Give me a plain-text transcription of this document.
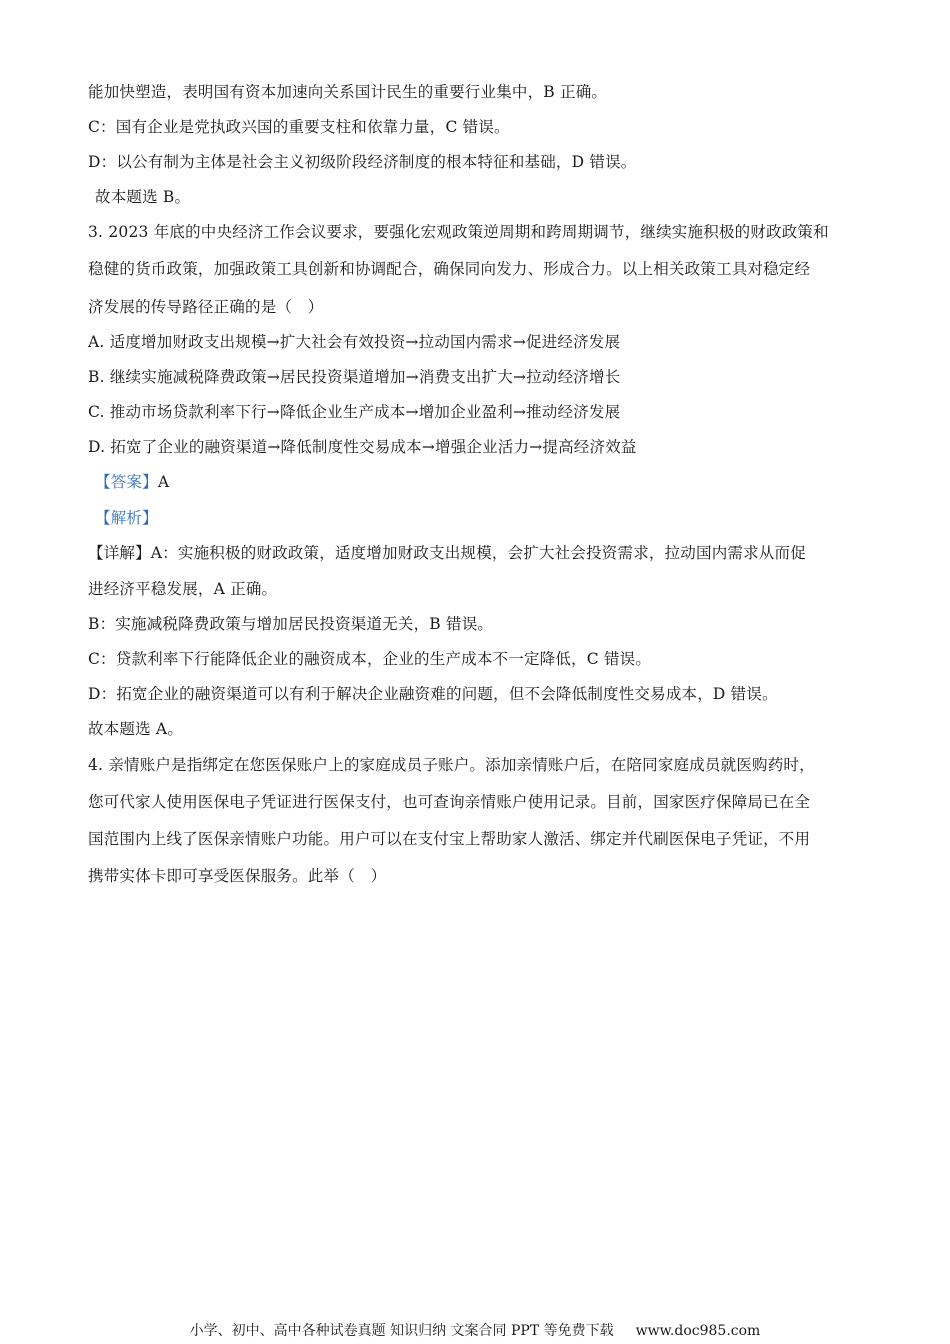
能加快塑造，表明国有资本加速向关系国计民生的重要行业集中，B 正确。
C：国有企业是党执政兴国的重要支柱和依靠力量，C 错误。
D：以公有制为主体是社会主义初级阶段经济制度的根本特征和基础，D 错误。
故本题选 B。
3. 2023 年底的中央经济工作会议要求，要强化宏观政策逆周期和跨周期调节，继续实施积极的财政政策和
稳健的货币政策，加强政策工具创新和协调配合，确保同向发力、形成合力。以上相关政策工具对稳定经
济发展的传导路径正确的是（　）
A. 适度增加财政支出规模→扩大社会有效投资→拉动国内需求→促进经济发展
B. 继续实施减税降费政策→居民投资渠道增加→消费支出扩大→拉动经济增长
C. 推动市场贷款利率下行→降低企业生产成本→增加企业盈利→推动经济发展
D. 拓宽了企业的融资渠道→降低制度性交易成本→增强企业活力→提高经济效益
【答案】A
【解析】
【详解】A：实施积极的财政政策，适度增加财政支出规模，会扩大社会投资需求，拉动国内需求从而促
进经济平稳发展，A 正确。
B：实施减税降费政策与增加居民投资渠道无关，B 错误。
C：贷款利率下行能降低企业的融资成本，企业的生产成本不一定降低，C 错误。
D：拓宽企业的融资渠道可以有利于解决企业融资难的问题，但不会降低制度性交易成本，D 错误。
故本题选 A。
4. 亲情账户是指绑定在您医保账户上的家庭成员子账户。添加亲情账户后，在陪同家庭成员就医购药时，
您可代家人使用医保电子凭证进行医保支付，也可查询亲情账户使用记录。目前，国家医疗保障局已在全
国范围内上线了医保亲情账户功能。用户可以在支付宝上帮助家人激活、绑定并代刷医保电子凭证，不用
携带实体卡即可享受医保服务。此举（　）
小学、初中、高中各种试卷真题 知识归纳 文案合同 PPT 等免费下载 www.doc985.com
